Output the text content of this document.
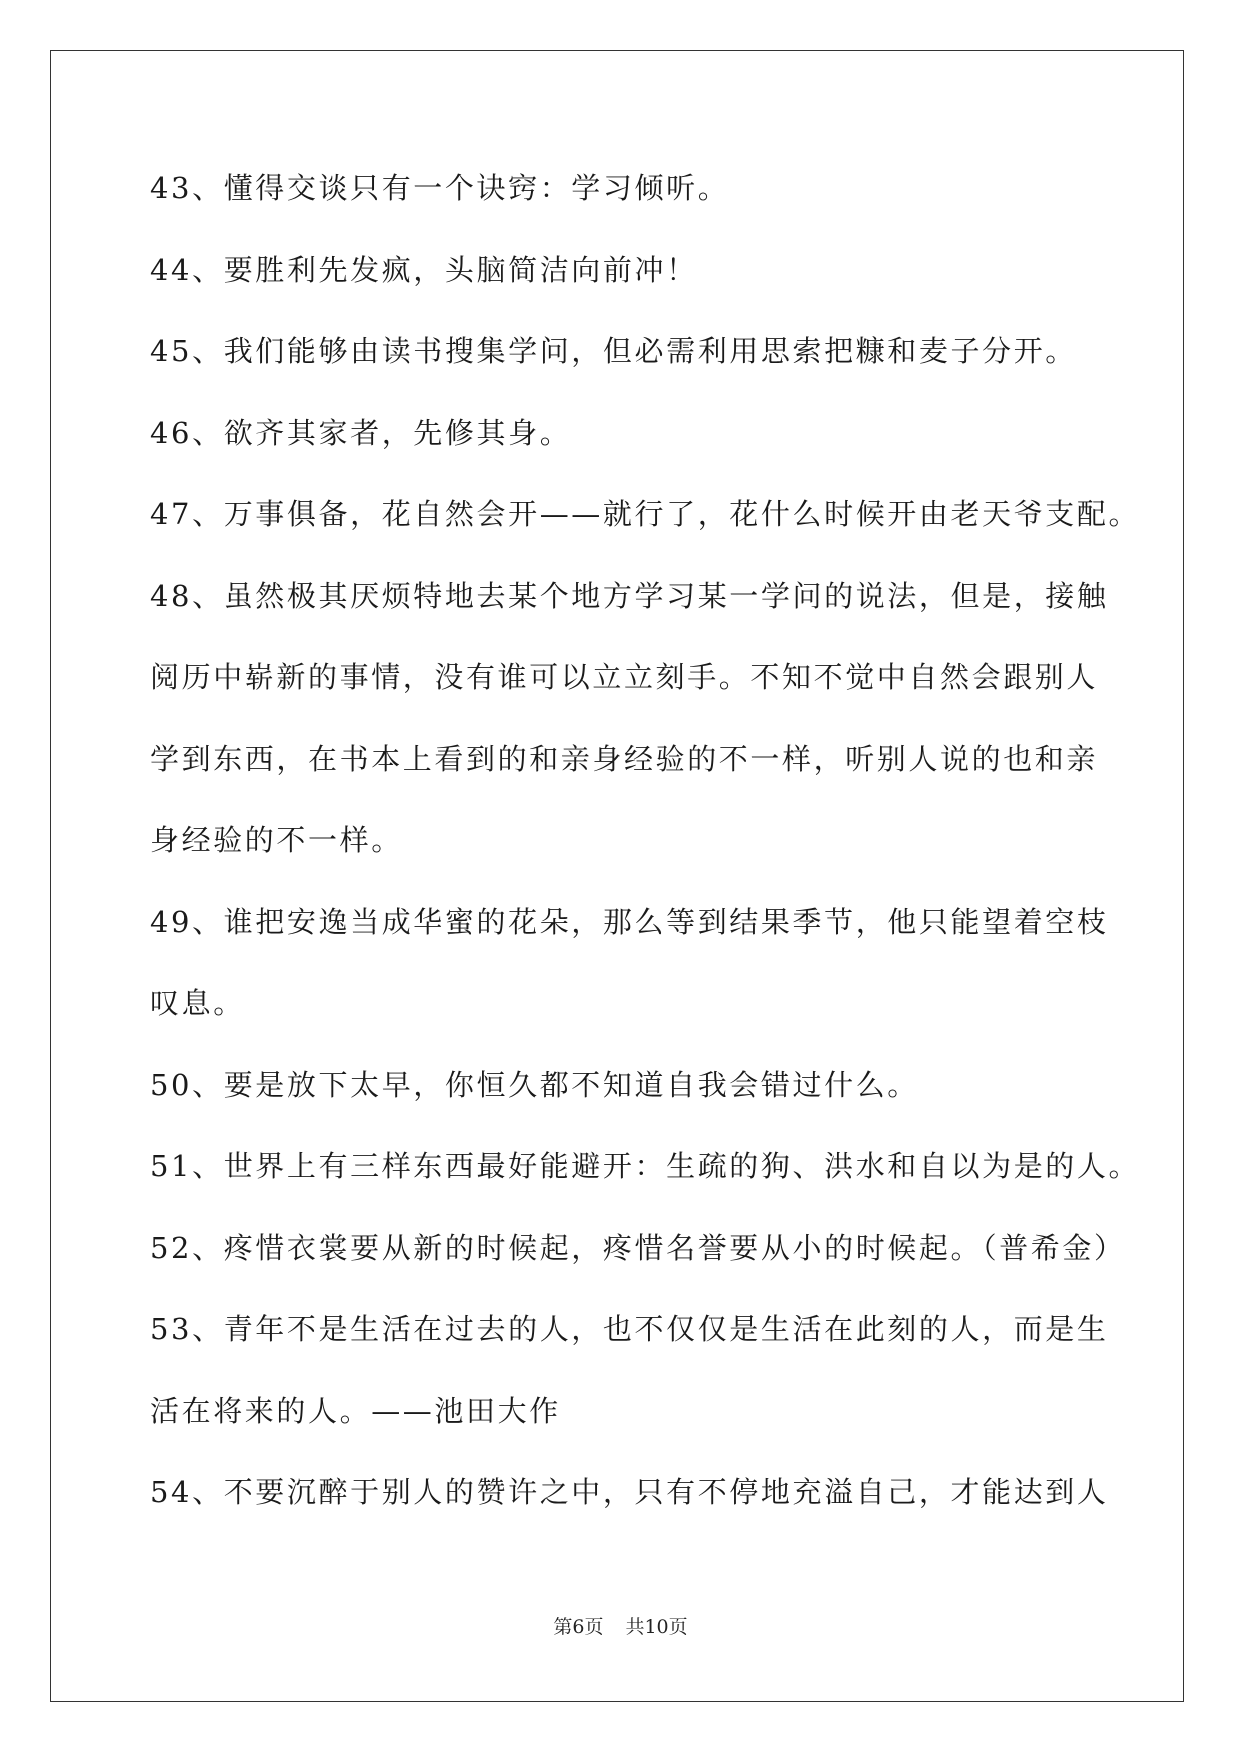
43、懂得交谈只有一个诀窍：学习倾听。
44、要胜利先发疯，头脑简洁向前冲！
45、我们能够由读书搜集学问，但必需利用思索把糠和麦子分开。
46、欲齐其家者，先修其身。
47、万事俱备，花自然会开——就行了，花什么时候开由老天爷支配。
48、虽然极其厌烦特地去某个地方学习某一学问的说法，但是，接触
阅历中崭新的事情，没有谁可以立立刻手。不知不觉中自然会跟别人
学到东西，在书本上看到的和亲身经验的不一样，听别人说的也和亲
身经验的不一样。
49、谁把安逸当成华蜜的花朵，那么等到结果季节，他只能望着空枝
叹息。
50、要是放下太早，你恒久都不知道自我会错过什么。
51、世界上有三样东西最好能避开：生疏的狗、洪水和自以为是的人。
52、疼惜衣裳要从新的时候起，疼惜名誉要从小的时候起。（普希金）
53、青年不是生活在过去的人，也不仅仅是生活在此刻的人，而是生
活在将来的人。——池田大作
54、不要沉醉于别人的赞许之中，只有不停地充溢自己，才能达到人
第6页 共10页
